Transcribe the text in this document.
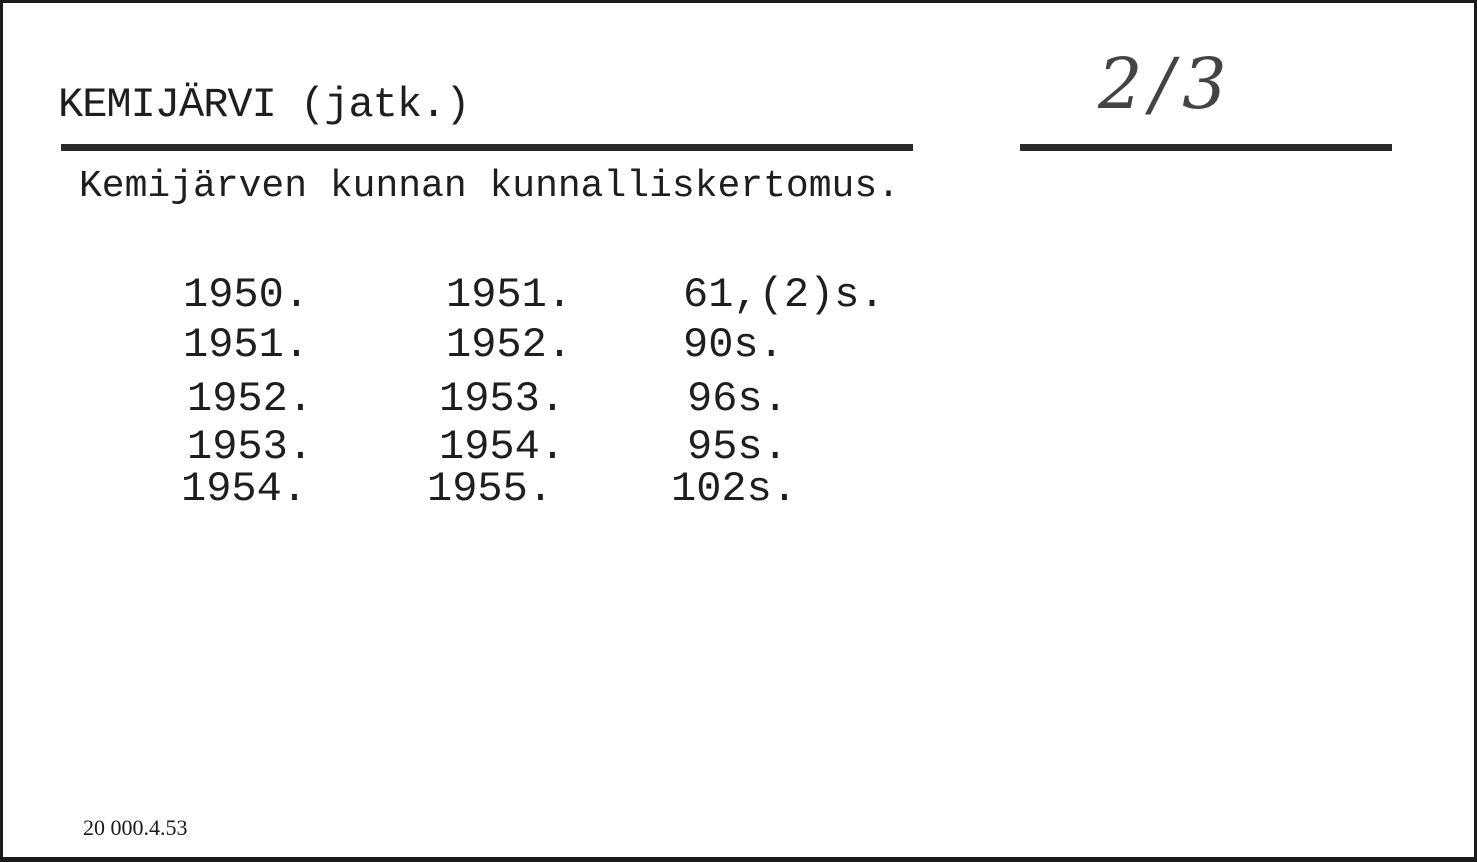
KEMIJÄRVI (jatk.)	2/3
Kemijärven kunnan kunnalliskertomus.
1950.	1951.	61,(2)s.
1951.	1952.	90s.
1952.	1953.	96s.
1953.	1954.	95s.
1954.	1955.	102s.
20 000.4.53
